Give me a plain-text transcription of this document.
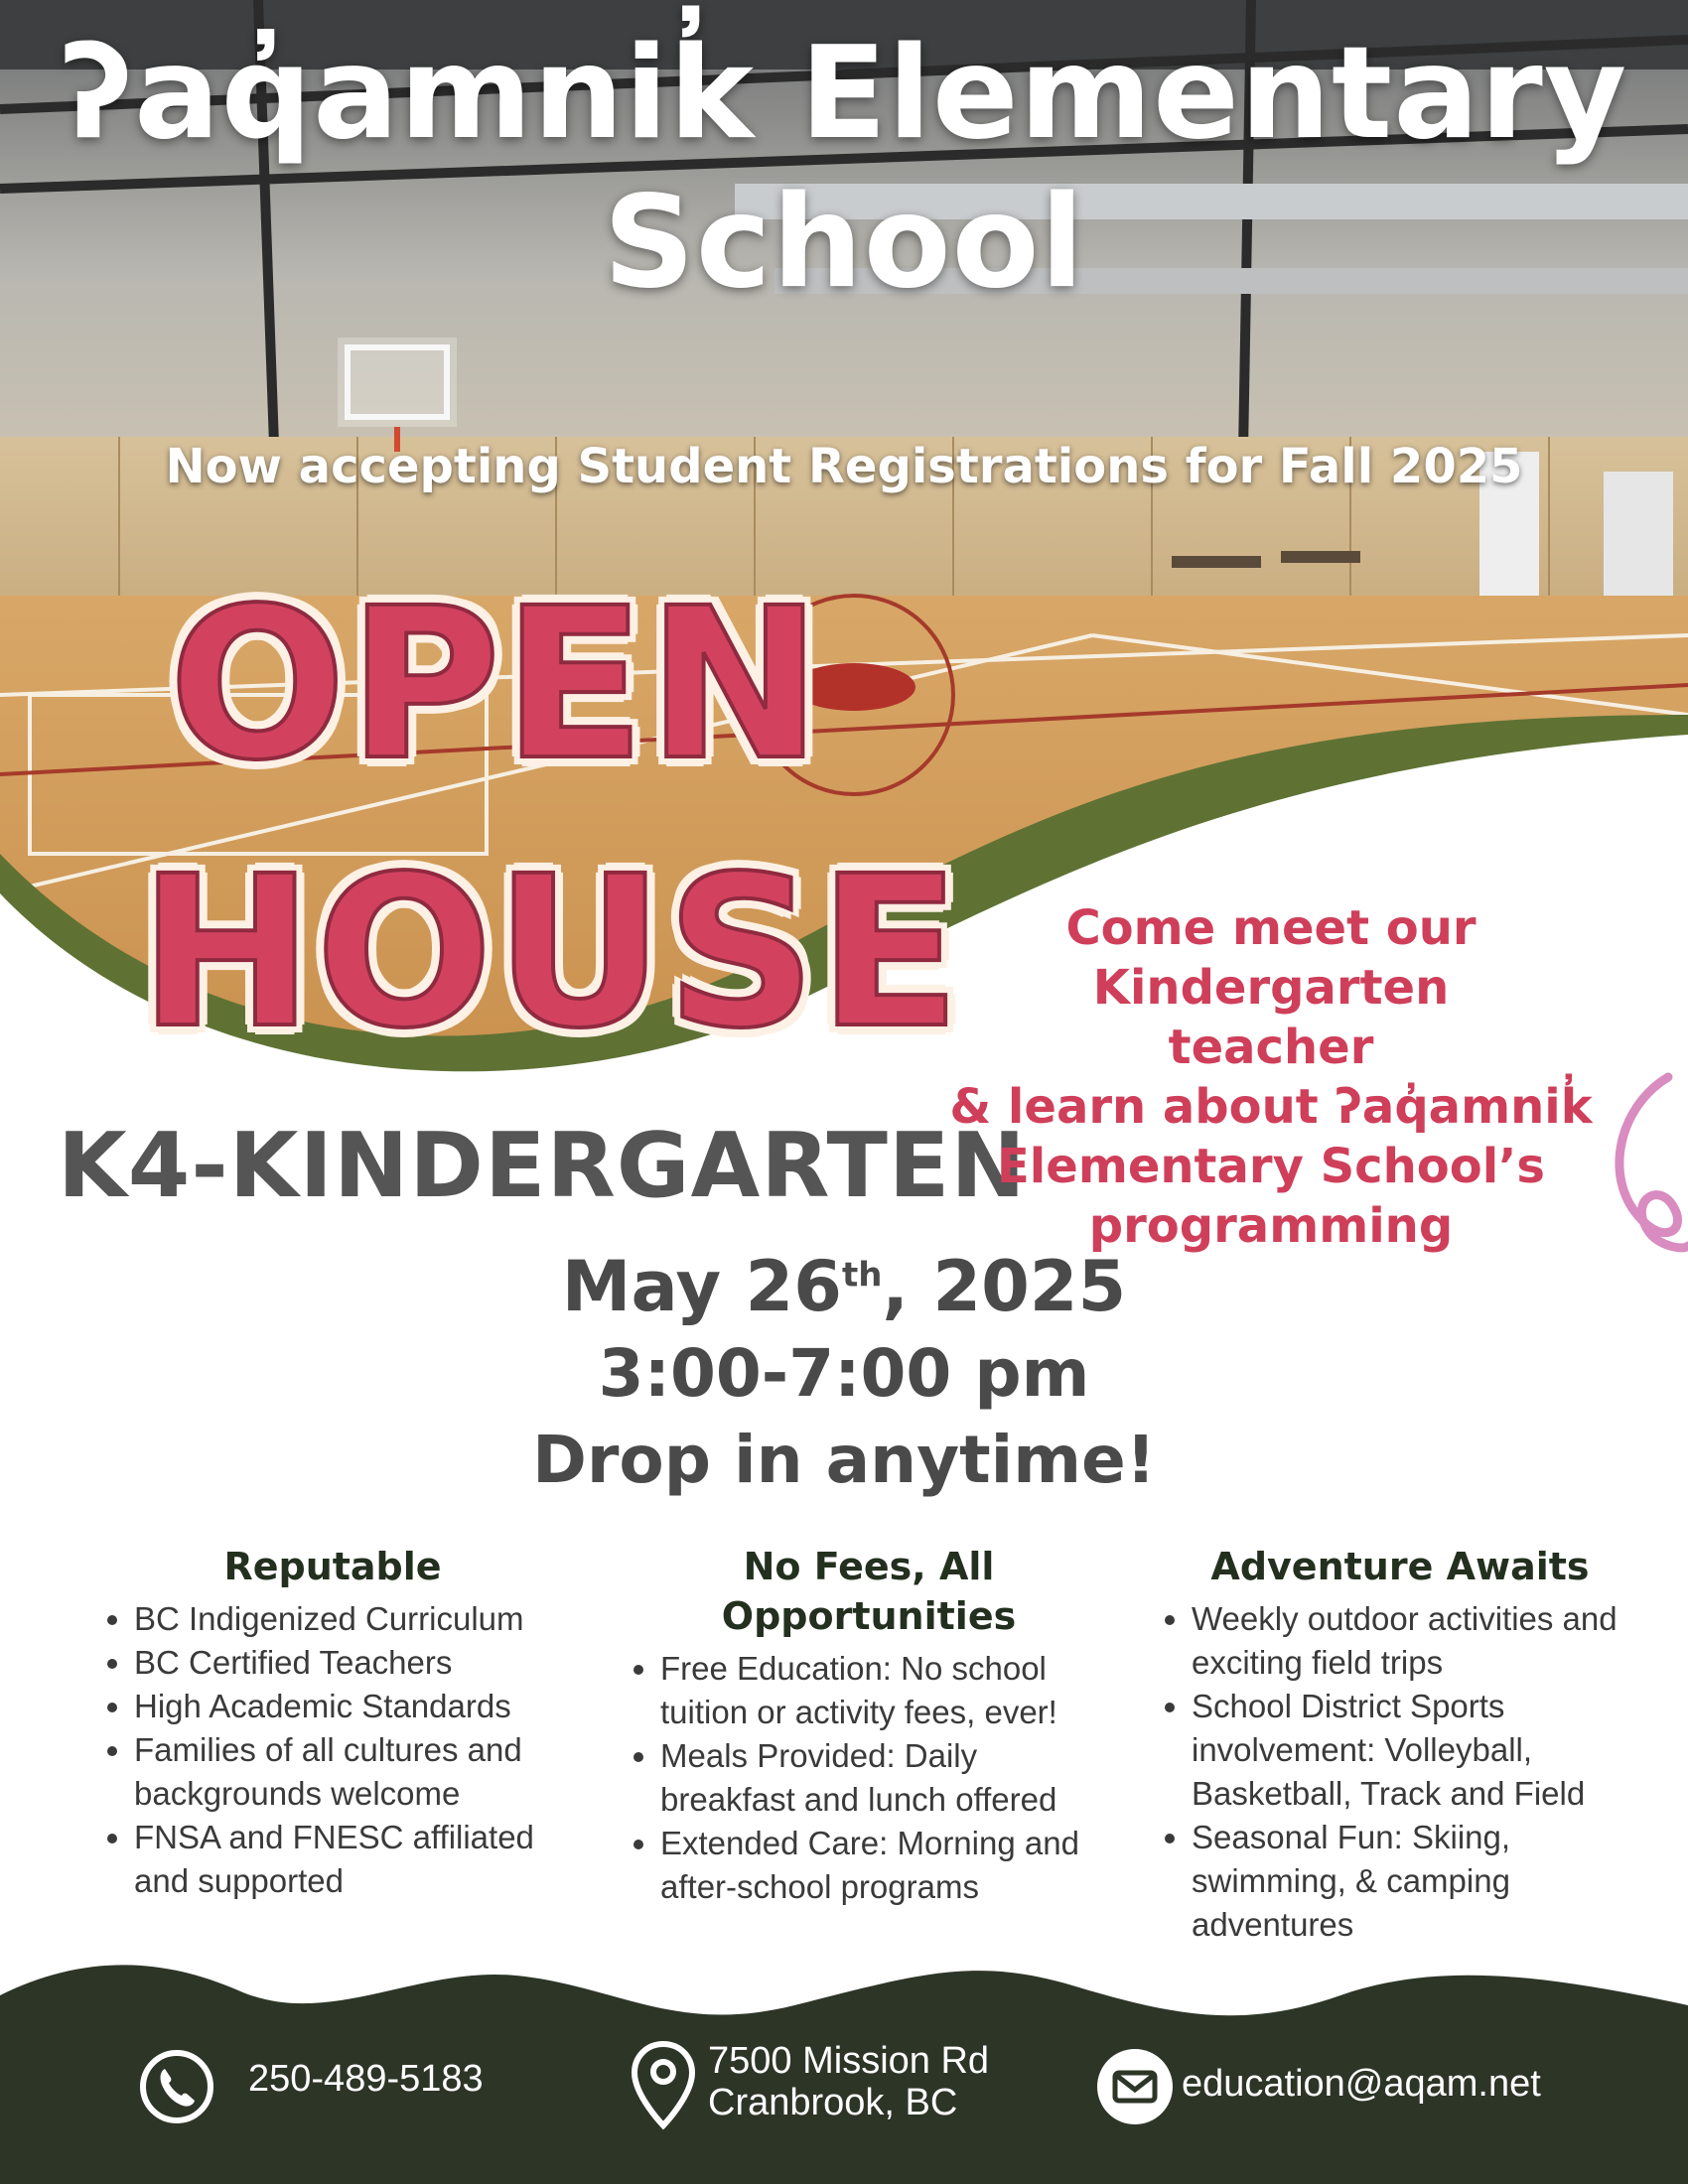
ʔaq̓amnik̓ Elementary School
Now accepting Student Registrations for Fall 2025
OPEN
HOUSE
K4-KINDERGARTEN
Come meet our Kindergarten
teacher
& learn about ʔaq̓amnik̓
Elementary School’s
programming
May 26th, 2025
3:00-7:00 pm
Drop in anytime!
Reputable
• BC Indigenized Curriculum
• BC Certified Teachers
• High Academic Standards
• Families of all cultures and backgrounds welcome
• FNSA and FNESC affiliated and supported
No Fees, All Opportunities
• Free Education: No school tuition or activity fees, ever!
• Meals Provided: Daily breakfast and lunch offered
• Extended Care: Morning and after-school programs
Adventure Awaits
• Weekly outdoor activities and exciting field trips
• School District Sports involvement: Volleyball, Basketball, Track and Field
• Seasonal Fun: Skiing, swimming, & camping adventures
250-489-5183	7500 Mission Rd
Cranbrook, BC	education@aqam.net
